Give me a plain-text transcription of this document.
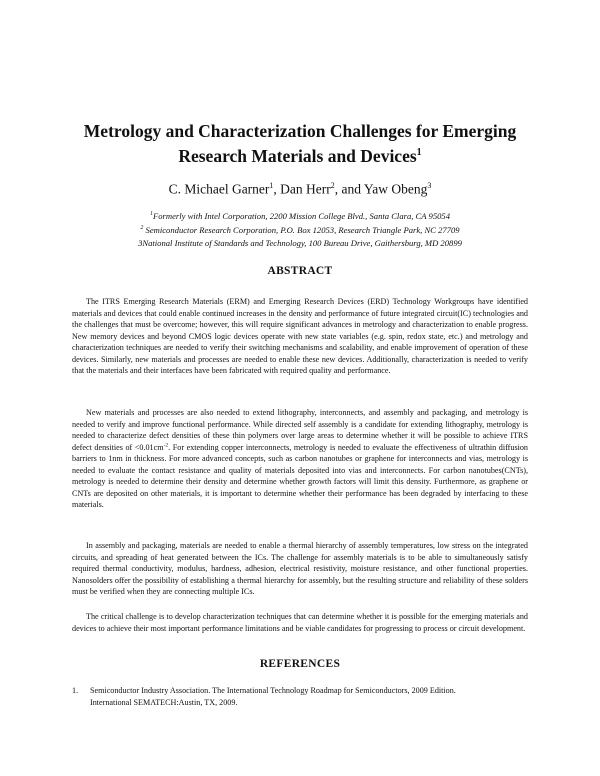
Metrology and Characterization Challenges for Emerging
Research Materials and Devices$^1$
C. Michael Garner$^1$, Dan Herr$^2$, and Yaw Obeng$^3$
$^1$Formerly with Intel Corporation, 2200 Mission College Blvd., Santa Clara, CA 95054
$^2$ Semiconductor Research Corporation, P.O. Box 12053, Research Triangle Park, NC 27709
3National Institute of Standards and Technology, 100 Bureau Drive, Gaithersburg, MD 20899
ABSTRACT

The ITRS Emerging Research Materials (ERM) and Emerging Research Devices (ERD) Technology Workgroups have identified materials and devices that could enable continued increases in the density and performance of future integrated circuit(IC) technologies and the challenges that must be overcome; however, this will require significant advances in metrology and characterization to enable progress. New memory devices and beyond CMOS logic devices operate with new state variables (e.g. spin, redox state, etc.) and metrology and characterization techniques are needed to verify their switching mechanisms and scalability, and enable improvement of operation of these devices. Similarly, new materials and processes are needed to enable these new devices. Additionally, characterization is needed to verify that the materials and their interfaces have been fabricated with required quality and performance.

New materials and processes are also needed to extend lithography, interconnects, and assembly and packaging, and metrology is needed to verify and improve functional performance. While directed self assembly is a candidate for extending lithography, metrology is needed to characterize defect densities of these thin polymers over large areas to determine whether it will be possible to achieve ITRS defect densities of $<0.01cm^{-2}$. For extending copper interconnects, metrology is needed to evaluate the effectiveness of ultrathin diffusion barriers to 1nm in thickness. For more advanced concepts, such as carbon nanotubes or graphene for interconnects and vias, metrology is needed to evaluate the contact resistance and quality of materials deposited into vias and interconnects. For carbon nanotubes(CNTs), metrology is needed to determine their density and determine whether growth factors will limit this density. Furthermore, as graphene or CNTs are deposited on other materials, it is important to determine whether their performance has been degraded by interfacing to these materials.

In assembly and packaging, materials are needed to enable a thermal hierarchy of assembly temperatures, low stress on the integrated circuits, and spreading of heat generated between the ICs. The challenge for assembly materials is to be able to simultaneously satisfy required thermal conductivity, modulus, hardness, adhesion, electrical resistivity, moisture resistance, and other functional properties. Nanosolders offer the possibility of establishing a thermal hierarchy for assembly, but the resulting structure and reliability of these solders must be verified when they are connecting multiple ICs.

The critical challenge is to develop characterization techniques that can determine whether it is possible for the emerging materials and devices to achieve their most important performance limitations and be viable candidates for progressing to process or circuit development.

REFERENCES
1.	Semiconductor Industry Association. The International Technology Roadmap for Semiconductors, 2009 Edition.
International SEMATECH:Austin, TX, 2009.
